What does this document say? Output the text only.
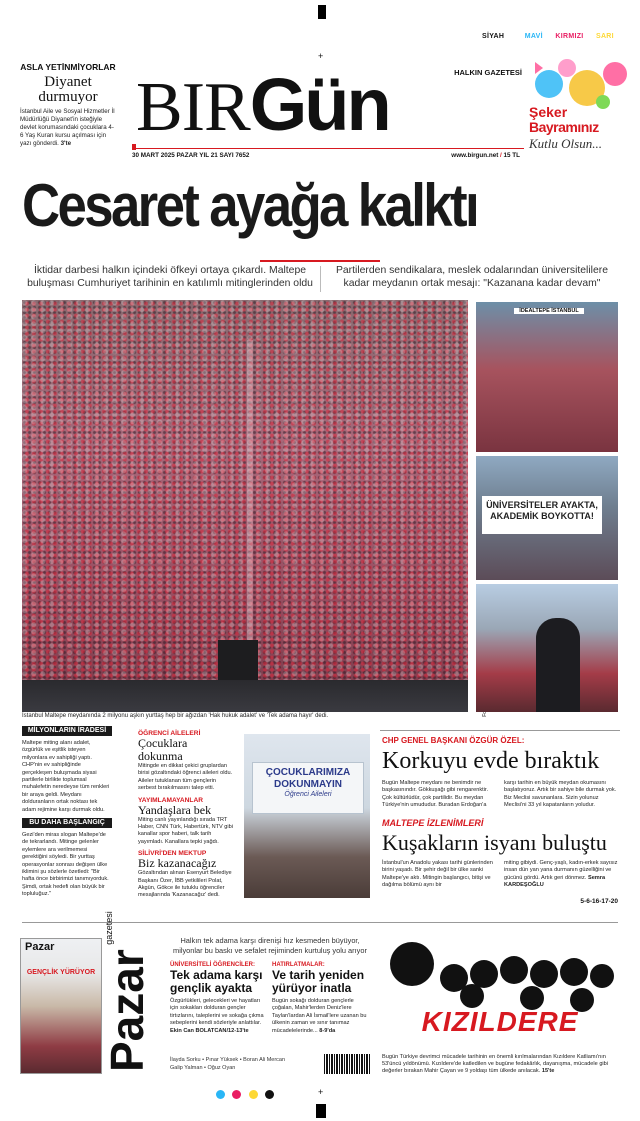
SİYAH	MAVİ KIRMIZI SARI
+
ASLA YETİNMİYORLAR
Diyanet
durmuyor
İstanbul Aile ve Sosyal Hizmetler İl Müdürlüğü Diyanet'in isteğiyle devlet korumasındaki çocuklara 4-6 Yaş Kuran kursu açılması için yazı gönderdi. 3'te
HALKIN GAZETESİ
BIRGün
30 MART 2025 PAZAR YIL 21 SAYI 7652	www.birgun.net / 15 TL
Şeker
Bayramınız
Kutlu Olsun...
Cesaret ayağa kalktı
İktidar darbesi halkın içindeki öfkeyi ortaya çıkardı. Maltepe buluşması Cumhuriyet tarihinin en katılımlı mitinglerinden oldu
Partilerden sendikalara, meslek odalarından üniversitelilere kadar meydanın ortak mesajı: "Kazanana kadar devam"
İstanbul Maltepe meydanında 2 milyonu aşkın yurttaş hep bir ağızdan 'Hak hukuk adalet' ve 'Tek adama hayır' dedi.
İDEALTEPE İSTANBUL
ÜNİVERSİTELER AYAKTA, AKADEMİK BOYKOTTA!
MİLYONLARIN İRADESİ
Maltepe miting alanı adalet, özgürlük ve eşitlik isteyen milyonlara ev sahipliği yaptı. CHP'nin ev sahipliğinde gerçekleşen buluşmada siyasi partilerle birlikte toplumsal muhalefetin neredeyse tüm renkleri bir araya geldi. Meydanı dolduranların ortak noktası tek adam rejimine karşı durmak oldu.
BU DAHA BAŞLANGIÇ
Gezi'den miras slogan Maltepe'de de tekrarlandı. Mitinge gelenler eylemlere ara verilmemesi gerektiğini söyledi. Bir yurttaş operasyonlar sonrası değişen ülke iklimini şu sözlerle özetledi: "Bir hafta önce birbirimizi tanımıyorduk. Şimdi, ortak hedefi olan büyük bir topluluğuz."
ÖĞRENCİ AİLELERİ
Çocuklara dokunma
Mitingde en dikkat çekici gruplardan birisi gözaltındaki öğrenci aileleri oldu. Aileler tutuklanan tüm gençlerin serbest bırakılmasını talep etti.
YAYIMLAMAYANLAR
Yandaşlara bek
Miting canlı yayınlandığı sırada TRT Haber, CNN Türk, Habertürk, NTV gibi kanallar spor haberi, talk tarih yayımladı. Kanallara tepki yağdı.
SİLİVRİ'DEN MEKTUP
Biz kazanacağız
Gözaltından alınan Esenyurt Belediye Başkanı Özer, İBB yetkilileri Polat, Akgün, Gökce ile tutuklu öğrenciler mesajlarında 'Kazanacağız' dedi.
ÇOCUKLARIMIZA
DOKUNMAYIN
Öğrenci Aileleri
CHP GENEL BAŞKANI ÖZGÜR ÖZEL:
Korkuyu evde bıraktık
Bugün Maltepe meydanı ne benimdir ne başkasınındır. Gökkuşağı gibi rengarenktir. Çok kültürlüdür, çok partilidir. Bu meydan Türkiye'nin umududur. Buradan Erdoğan'a
karşı tarihin en büyük meydan okumasını başlatıyoruz. Artık bir sahiye bile durmak yok. Biz Meclisi savunanlara. Sizin yolunuz Meclisi'ni 33 yıl kapatanların yoludur.
MALTEPE İZLENİMLERİ
Kuşakların isyanı buluştu
İstanbul'un Anadolu yakası tarihi günlerinden birini yaşadı. Bir şehir değil bir ülke sanki Maltepe'ye aktı. Mitingin başlangıcı, bitişi ve dağılma bölümü aynı bir
miting gibiydi. Genç-yaşlı, kadın-erkek sayısız insan dün yan yana durmanın güzelliğini ve gücünü gördü. Artık geri dönmez. Semra KARDEŞOĞLU
5-6-16-17-20
Pazar
GENÇLİK YÜRÜYOR Pazar $^{gazetesi}$	Halkın tek adama karşı direnişi hız kesmeden büyüyor, milyonlar bu baskı ve sefalet rejiminden kurtuluş yolu arıyor
ÜNİVERSİTELİ ÖĞRENCİLER:
Tek adama karşı gençlik ayakta
Özgürlükleri, gelecekleri ve hayatları için sokakları dolduran gençler tirtızlarını, taleplerini ve sokağa çıkma sebeplerini kendi sözleriyle anlattılar.
Ekin Can BOLATCAN/12-13'te
HATIRLATMALAR:
Ve tarih yeniden yürüyor inatla
Bugün sokağı dolduran gençlerle çoğalan, Mahir'lerden Deniz'lere Taylan'lardan Ali İsmail'lere uzanan bu ülkenin zaman ve sınır tanımaz mücadelelerinde... 8-9'da
İlayda Sorku • Pınar Yüksek • Boran Ali Mercan
Galip Yalman • Oğuz Oyan
KIZILDERE
Bugün Türkiye devrimci mücadele tarihinin en önemli kırılmalarından Kızıldere Katliamı'nın 53'üncü yıldönümü. Kızıldere'de katledilen ve bugüne fedakârlık, dayanışma, mücadele gibi değerler bırakan Mahir Çayan ve 9 yoldaşı tüm ülkede anılacak. 15'te

+
